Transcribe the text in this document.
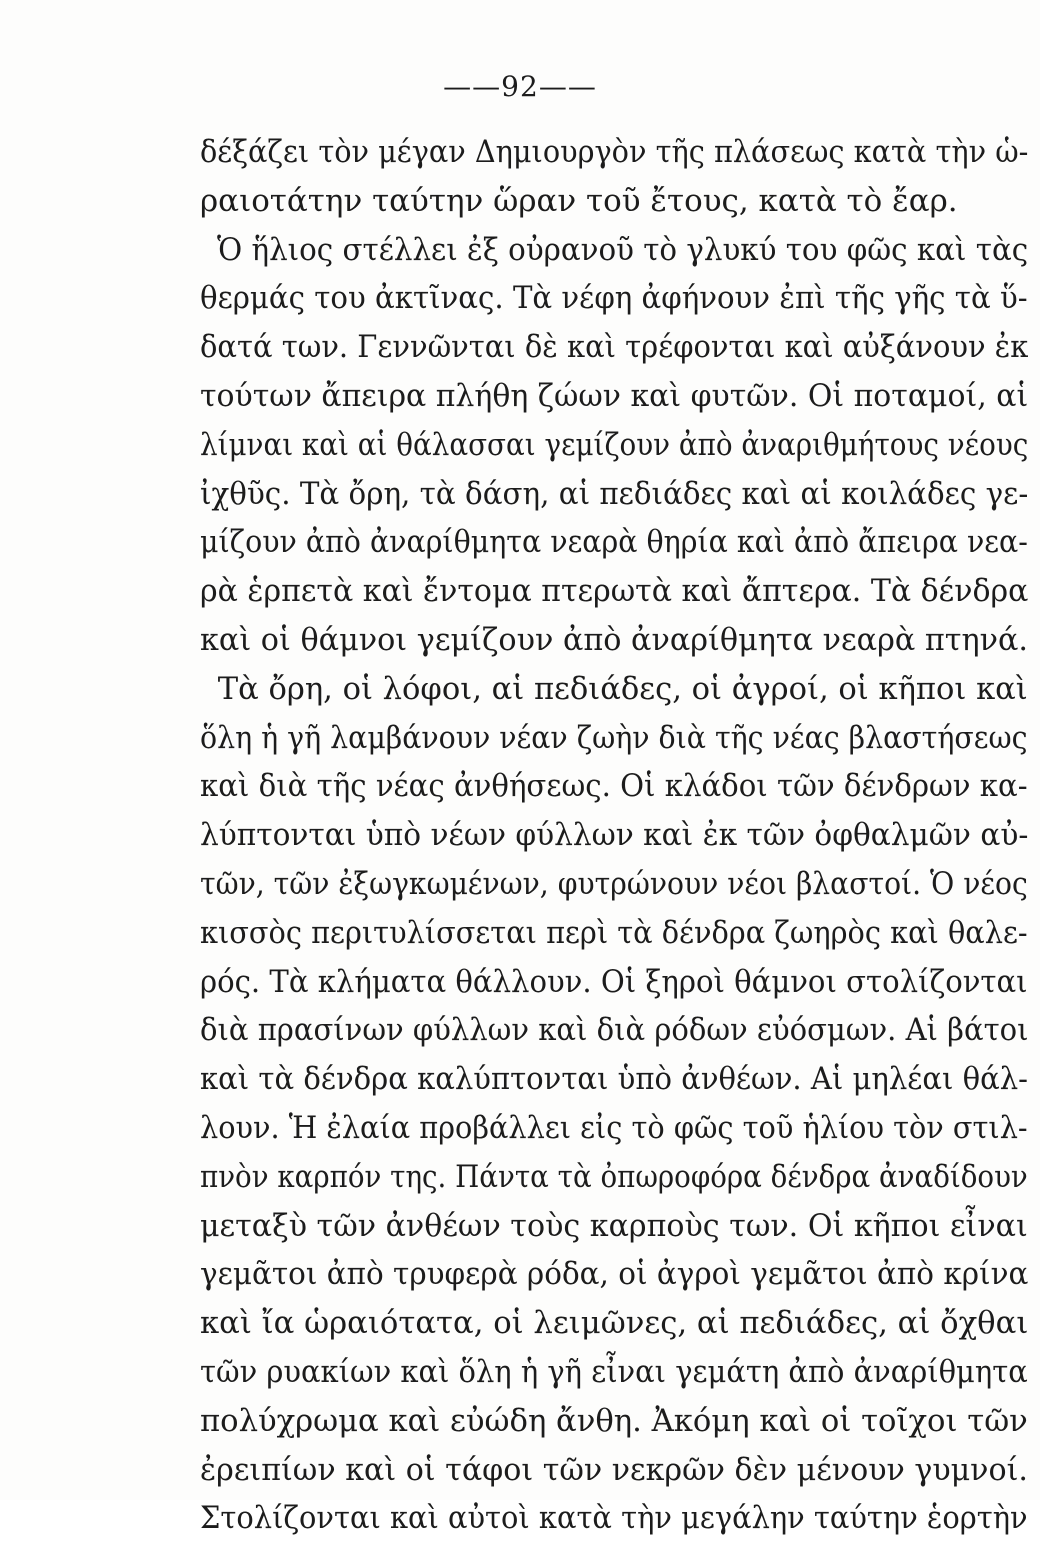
——92——
δέξάζει τὸν μέγαν Δημιουργὸν τῆς πλάσεως κατὰ τὴν ὡ-
ραιοτάτην ταύτην ὥραν τοῦ ἔτους, κατὰ τὸ ἔαρ.
Ὁ ἥλιος στέλλει ἐξ οὐρανοῦ τὸ γλυκύ του φῶς καὶ τὰς
θερμάς του ἀκτῖνας. Τὰ νέφη ἀφήνουν ἐπὶ τῆς γῆς τὰ ὕ-
δατά των. Γεννῶνται δὲ καὶ τρέφονται καὶ αὐξάνουν ἐκ
τούτων ἄπειρα πλήθη ζώων καὶ φυτῶν. Οἱ ποταμοί, αἱ
λίμναι καὶ αἱ θάλασσαι γεμίζουν ἀπὸ ἀναριθμήτους νέους
ἰχθῦς. Τὰ ὄρη, τὰ δάση, αἱ πεδιάδες καὶ αἱ κοιλάδες γε-
μίζουν ἀπὸ ἀναρίθμητα νεαρὰ θηρία καὶ ἀπὸ ἄπειρα νεα-
ρὰ ἑρπετὰ καὶ ἔντομα πτερωτὰ καὶ ἄπτερα. Τὰ δένδρα
καὶ οἱ θάμνοι γεμίζουν ἀπὸ ἀναρίθμητα νεαρὰ πτηνά.
Τὰ ὄρη, οἱ λόφοι, αἱ πεδιάδες, οἱ ἀγροί, οἱ κῆποι καὶ
ὅλη ἡ γῆ λαμβάνουν νέαν ζωὴν διὰ τῆς νέας βλαστήσεως
καὶ διὰ τῆς νέας ἀνθήσεως. Οἱ κλάδοι τῶν δένδρων κα-
λύπτονται ὑπὸ νέων φύλλων καὶ ἐκ τῶν ὀφθαλμῶν αὐ-
τῶν, τῶν ἐξωγκωμένων, φυτρώνουν νέοι βλαστοί. Ὁ νέος
κισσὸς περιτυλίσσεται περὶ τὰ δένδρα ζωηρὸς καὶ θαλε-
ρός. Τὰ κλήματα θάλλουν. Οἱ ξηροὶ θάμνοι στολίζονται
διὰ πρασίνων φύλλων καὶ διὰ ρόδων εὐόσμων. Αἱ βάτοι
καὶ τὰ δένδρα καλύπτονται ὑπὸ ἀνθέων. Αἱ μηλέαι θάλ-
λουν. Ἡ ἐλαία προβάλλει εἰς τὸ φῶς τοῦ ἡλίου τὸν στιλ-
πνὸν καρπόν της. Πάντα τὰ ὀπωροφόρα δένδρα ἀναδίδουν
μεταξὺ τῶν ἀνθέων τοὺς καρποὺς των. Οἱ κῆποι εἶναι
γεμᾶτοι ἀπὸ τρυφερὰ ρόδα, οἱ ἀγροὶ γεμᾶτοι ἀπὸ κρίνα
καὶ ἴα ὡραιότατα, οἱ λειμῶνες, αἱ πεδιάδες, αἱ ὄχθαι
τῶν ρυακίων καὶ ὅλη ἡ γῆ εἶναι γεμάτη ἀπὸ ἀναρίθμητα
πολύχρωμα καὶ εὐώδη ἄνθη. Ἀκόμη καὶ οἱ τοῖχοι τῶν
ἐρειπίων καὶ οἱ τάφοι τῶν νεκρῶν δὲν μένουν γυμνοί.
Στολίζονται καὶ αὐτοὶ κατὰ τὴν μεγάλην ταύτην ἑορτὴν
